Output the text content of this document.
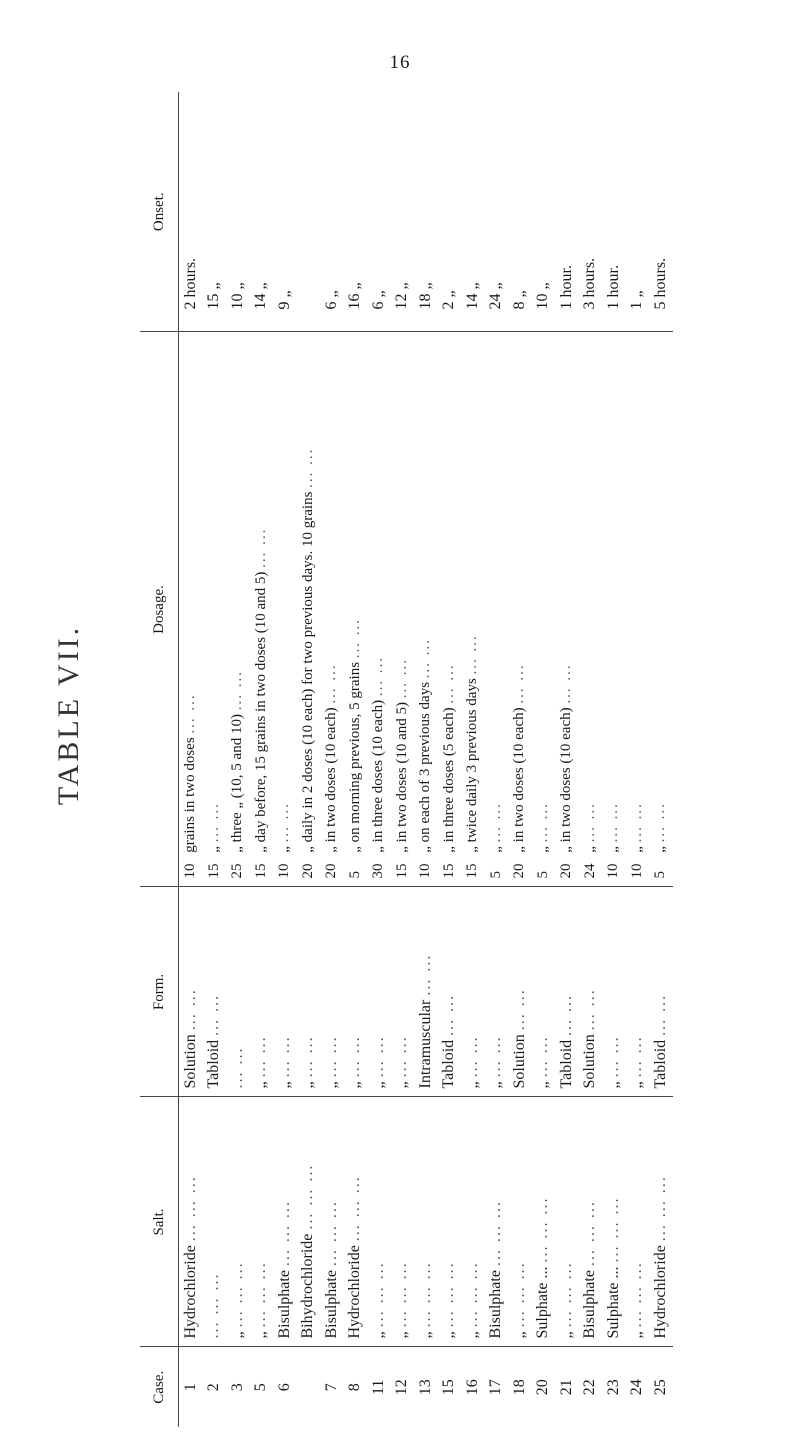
16
TABLE VII.
Case.	Salt.	Form.	Dosage.	Onset.
1	Hydrochloride ... ... ...	Solution ... ...	10 grains in two doses ... ...	2 hours.
2	... ... ...	Tabloid ... ...	15 „ ... ...	15 „
3	„ ... ... ...	... ...	25 „ three „ (10, 5 and 10) ... ...	10 „
5	„ ... ... ...	„ ... ...	15 „ day before, 15 grains in two doses (10 and 5) ... ...	14 „
6	Bisulphate ... ... ...	„ ... ...	10 „ ... ...	9 „
	Bihydrochloride ... ... ...	„ ... ...	20 „ daily in 2 doses (10 each) for two previous days. 10 grains ... ...	
7	Bisulphate ... ... ...	„ ... ...	20 „ in two doses (10 each) ... ...	6 „
8	Hydrochloride ... ... ...	„ ... ...	5 „ on morning previous, 5 grains ... ...	16 „
11	„ ... ... ...	„ ... ...	30 „ in three doses (10 each) ... ...	6 „
12	„ ... ... ...	„ ... ...	15 „ in two doses (10 and 5) ... ...	12 „
13	„ ... ... ...	Intramuscular ... ...	10 „ on each of 3 previous days ... ...	18 „
15	„ ... ... ...	Tabloid ... ...	15 „ in three doses (5 each) ... ...	2 „
16	„ ... ... ...	„ ... ...	15 „ twice daily 3 previous days ... ...	14 „
17	Bisulphate ... ... ...	„ ... ...	5 „ ... ...	24 „
18	„ ... ... ...	Solution ... ...	20 „ in two doses (10 each) ... ...	8 „
20	Sulphate ... ... ... ...	„ ... ...	5 „ ... ...	10 „
21	„ ... ... ...	Tabloid ... ...	20 „ in two doses (10 each) ... ...	1 hour.
22	Bisulphate ... ... ...	Solution ... ...	24 „ ... ...	3 hours.
23	Sulphate ... ... ... ...	„ ... ...	10 „ ... ...	1 hour.
24	„ ... ... ...	„ ... ...	10 „ ... ...	1 „
25	Hydrochloride ... ... ...	Tabloid ... ...	5 „ ... ...	5 hours.
